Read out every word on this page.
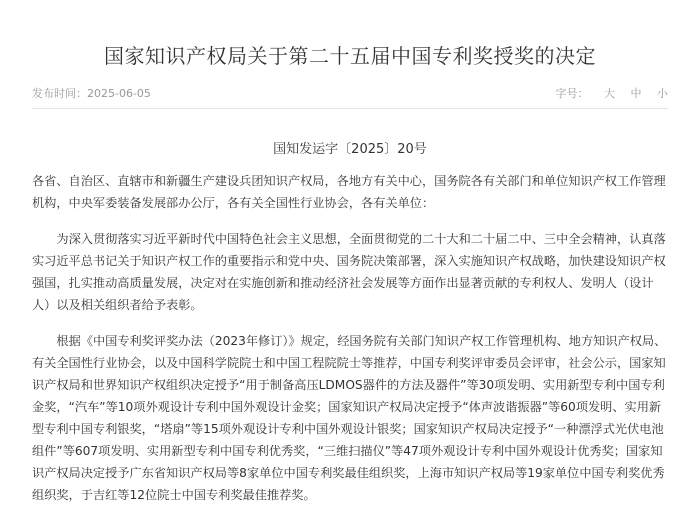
国家知识产权局关于第二十五届中国专利奖授奖的决定
发布时间：2025-06-05	字号： 大 中 小
国知发运字〔2025〕20号

各省、自治区、直辖市和新疆生产建设兵团知识产权局，各地方有关中心，国务院各有关部门和单位知识产权工作管理机构，中央军委装备发展部办公厅，各有关全国性行业协会，各有关单位：

为深入贯彻落实习近平新时代中国特色社会主义思想，全面贯彻党的二十大和二十届二中、三中全会精神，认真落实习近平总书记关于知识产权工作的重要指示和党中央、国务院决策部署，深入实施知识产权战略，加快建设知识产权强国，扎实推动高质量发展，决定对在实施创新和推动经济社会发展等方面作出显著贡献的专利权人、发明人（设计人）以及相关组织者给予表彰。

根据《中国专利奖评奖办法（2023年修订）》规定，经国务院有关部门知识产权工作管理机构、地方知识产权局、有关全国性行业协会，以及中国科学院院士和中国工程院院士等推荐，中国专利奖评审委员会评审，社会公示，国家知识产权局和世界知识产权组织决定授予“用于制备高压LDMOS器件的方法及器件”等30项发明、实用新型专利中国专利金奖，“汽车”等10项外观设计专利中国外观设计金奖；国家知识产权局决定授予“体声波谐振器”等60项发明、实用新型专利中国专利银奖，“塔扇”等15项外观设计专利中国外观设计银奖；国家知识产权局决定授予“一种漂浮式光伏电池组件”等607项发明、实用新型专利中国专利优秀奖，“三维扫描仪”等47项外观设计专利中国外观设计优秀奖；国家知识产权局决定授予广东省知识产权局等8家单位中国专利奖最佳组织奖，上海市知识产权局等19家单位中国专利奖优秀组织奖，于吉红等12位院士中国专利奖最佳推荐奖。
